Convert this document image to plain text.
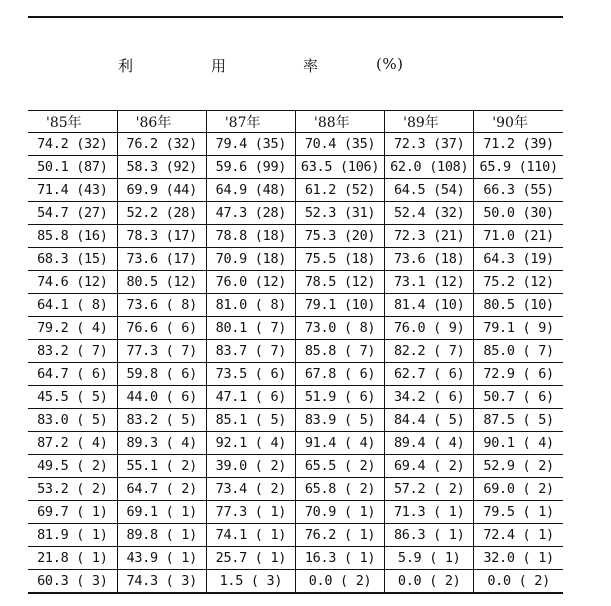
利

用

率

(%)					

'85年	'86年	'87年	'88年	'89年	'90年
74.2 (32)	76.2 (32)	79.4 (35)	70.4 (35)	72.3 (37)	71.2 (39)
50.1 (87)	58.3 (92)	59.6 (99)	63.5 (106)	62.0 (108)	65.9 (110)
71.4 (43)	69.9 (44)	64.9 (48)	61.2 (52)	64.5 (54)	66.3 (55)
54.7 (27)	52.2 (28)	47.3 (28)	52.3 (31)	52.4 (32)	50.0 (30)
85.8 (16)	78.3 (17)	78.8 (18)	75.3 (20)	72.3 (21)	71.0 (21)
68.3 (15)	73.6 (17)	70.9 (18)	75.5 (18)	73.6 (18)	64.3 (19)
74.6 (12)	80.5 (12)	76.0 (12)	78.5 (12)	73.1 (12)	75.2 (12)
64.1 ( 8)	73.6 ( 8)	81.0 ( 8)	79.1 (10)	81.4 (10)	80.5 (10)
79.2 ( 4)	76.6 ( 6)	80.1 ( 7)	73.0 ( 8)	76.0 ( 9)	79.1 ( 9)
83.2 ( 7)	77.3 ( 7)	83.7 ( 7)	85.8 ( 7)	82.2 ( 7)	85.0 ( 7)
64.7 ( 6)	59.8 ( 6)	73.5 ( 6)	67.8 ( 6)	62.7 ( 6)	72.9 ( 6)
45.5 ( 5)	44.0 ( 6)	47.1 ( 6)	51.9 ( 6)	34.2 ( 6)	50.7 ( 6)
83.0 ( 5)	83.2 ( 5)	85.1 ( 5)	83.9 ( 5)	84.4 ( 5)	87.5 ( 5)
87.2 ( 4)	89.3 ( 4)	92.1 ( 4)	91.4 ( 4)	89.4 ( 4)	90.1 ( 4)
49.5 ( 2)	55.1 ( 2)	39.0 ( 2)	65.5 ( 2)	69.4 ( 2)	52.9 ( 2)
53.2 ( 2)	64.7 ( 2)	73.4 ( 2)	65.8 ( 2)	57.2 ( 2)	69.0 ( 2)
69.7 ( 1)	69.1 ( 1)	77.3 ( 1)	70.9 ( 1)	71.3 ( 1)	79.5 ( 1)
81.9 ( 1)	89.8 ( 1)	74.1 ( 1)	76.2 ( 1)	86.3 ( 1)	72.4 ( 1)
21.8 ( 1)	43.9 ( 1)	25.7 ( 1)	16.3 ( 1)	5.9 ( 1)	32.0 ( 1)
60.3 ( 3)	74.3 ( 3)	1.5 ( 3)	0.0 ( 2)	0.0 ( 2)	0.0 ( 2)
